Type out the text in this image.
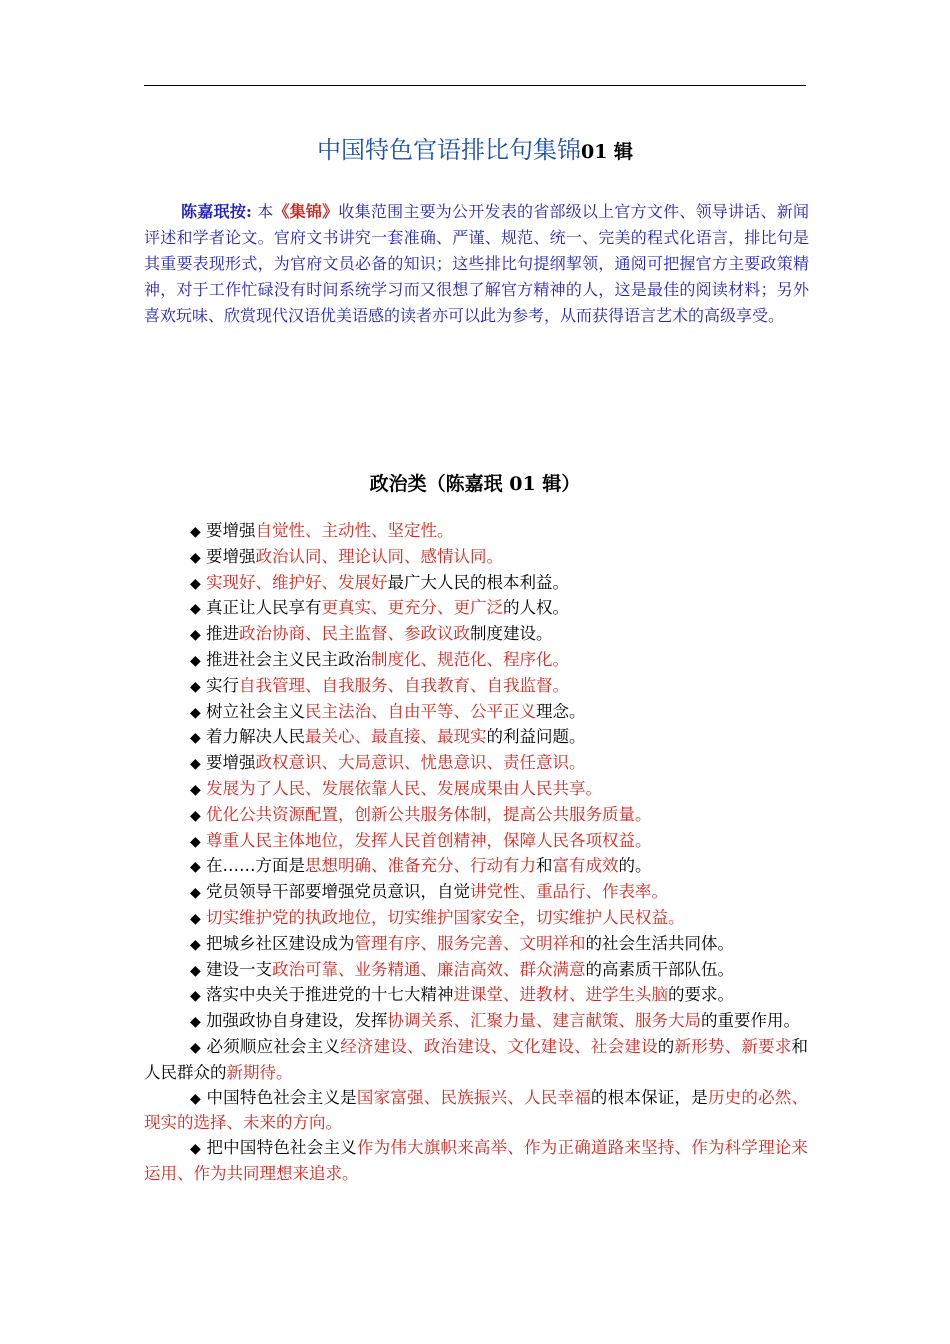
中国特色官语排比句集锦01 辑
陈嘉珉按: 本《集锦》收集范围主要为公开发表的省部级以上官方文件、领导讲话、新闻评述和学者论文。官府文书讲究一套准确、严谨、规范、统一、完美的程式化语言，排比句是其重要表现形式，为官府文员必备的知识；这些排比句提纲挈领，通阅可把握官方主要政策精神，对于工作忙碌没有时间系统学习而又很想了解官方精神的人，这是最佳的阅读材料；另外喜欢玩味、欣赏现代汉语优美语感的读者亦可以此为参考，从而获得语言艺术的高级享受。
政治类（陈嘉珉 01 辑）

◆ 要增强自觉性、主动性、坚定性。

◆ 要增强政治认同、理论认同、感情认同。

◆ 实现好、维护好、发展好最广大人民的根本利益。

◆ 真正让人民享有更真实、更充分、更广泛的人权。

◆ 推进政治协商、民主监督、参政议政制度建设。

◆ 推进社会主义民主政治制度化、规范化、程序化。

◆ 实行自我管理、自我服务、自我教育、自我监督。

◆ 树立社会主义民主法治、自由平等、公平正义理念。

◆ 着力解决人民最关心、最直接、最现实的利益问题。

◆ 要增强政权意识、大局意识、忧患意识、责任意识。

◆ 发展为了人民、发展依靠人民、发展成果由人民共享。

◆ 优化公共资源配置，创新公共服务体制，提高公共服务质量。

◆ 尊重人民主体地位，发挥人民首创精神，保障人民各项权益。

◆ 在……方面是思想明确、准备充分、行动有力和富有成效的。

◆ 党员领导干部要增强党员意识，自觉讲党性、重品行、作表率。

◆ 切实维护党的执政地位，切实维护国家安全，切实维护人民权益。

◆ 把城乡社区建设成为管理有序、服务完善、文明祥和的社会生活共同体。

◆ 建设一支政治可靠、业务精通、廉洁高效、群众满意的高素质干部队伍。

◆ 落实中央关于推进党的十七大精神进课堂、进教材、进学生头脑的要求。

◆ 加强政协自身建设，发挥协调关系、汇聚力量、建言献策、服务大局的重要作用。

◆ 必须顺应社会主义经济建设、政治建设、文化建设、社会建设的新形势、新要求和人民群众的新期待。

◆ 中国特色社会主义是国家富强、民族振兴、人民幸福的根本保证，是历史的必然、现实的选择、未来的方向。

◆ 把中国特色社会主义作为伟大旗帜来高举、作为正确道路来坚持、作为科学理论来运用、作为共同理想来追求。
